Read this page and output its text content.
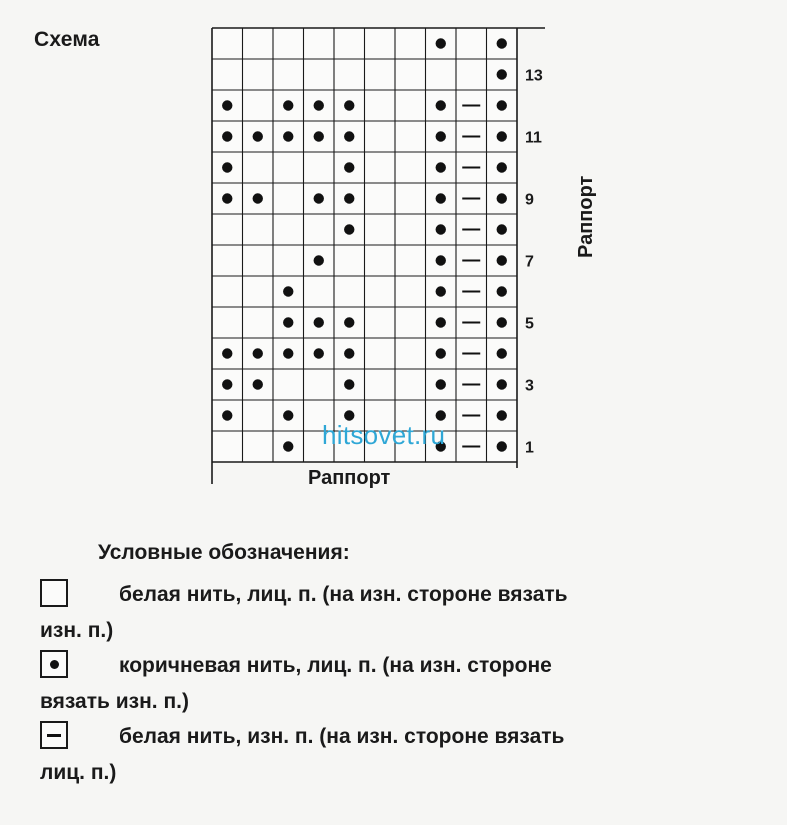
Схема
1
3
5
7
9
11
13
Раппорт
Раппорт
hitsovet.ru
Условные обозначения:
белая нить, лиц. п. (на изн. стороне вязать
изн. п.)
коричневая нить, лиц. п. (на изн. стороне
вязать изн. п.)
белая нить, изн. п. (на изн. стороне вязать
лиц. п.)
